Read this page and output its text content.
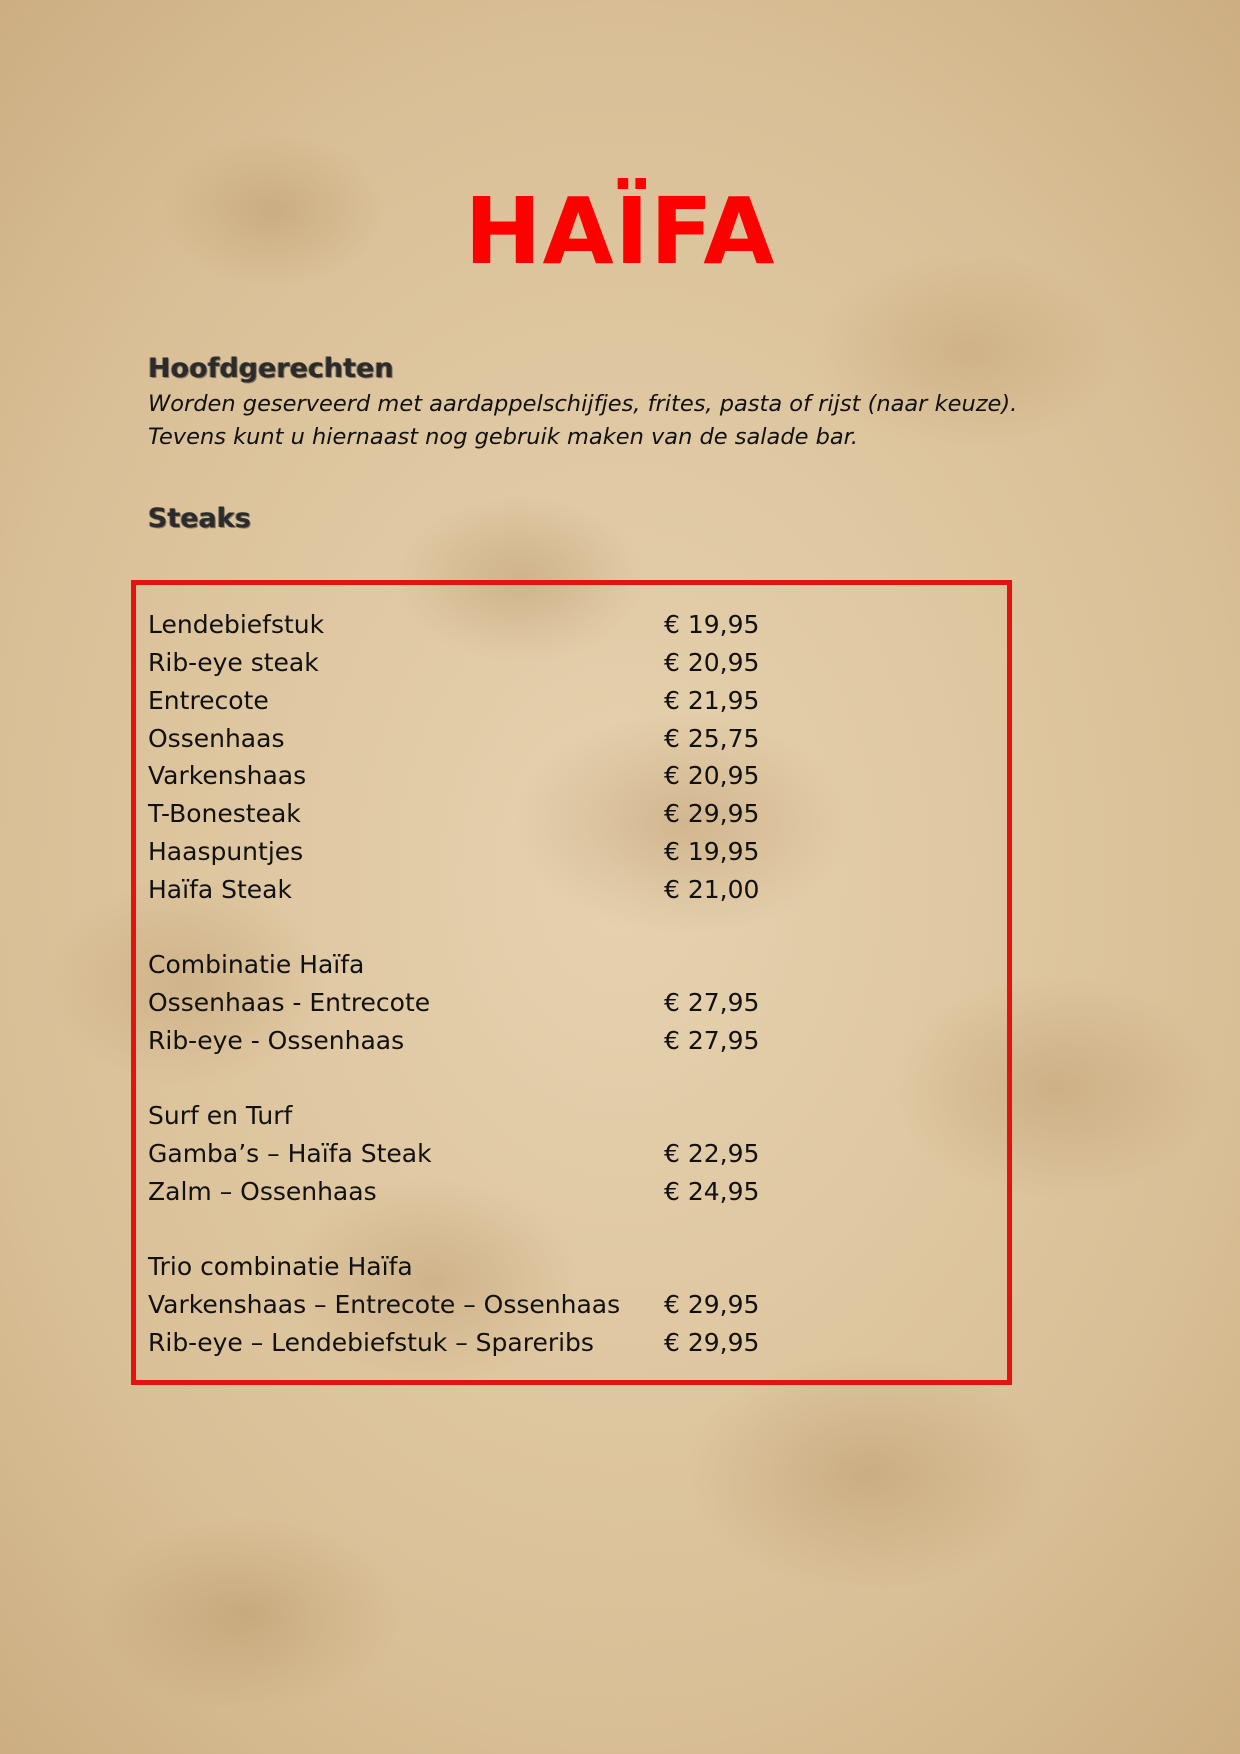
HAÏFA
Hoofdgerechten

Worden geserveerd met aardappelschijfjes, frites, pasta of rijst (naar keuze).

Tevens kunt u hiernaast nog gebruik maken van de salade bar.

Steaks
Lendebiefstuk	€ 19,95
Rib-eye steak	€ 20,95
Entrecote	€ 21,95
Ossenhaas	€ 25,75
Varkenshaas	€ 20,95
T-Bonesteak	€ 29,95
Haaspuntjes	€ 19,95
Haïfa Steak	€ 21,00
Combinatie Haïfa
Ossenhaas - Entrecote	€ 27,95
Rib-eye - Ossenhaas	€ 27,95
Surf en Turf
Gamba’s – Haïfa Steak	€ 22,95
Zalm – Ossenhaas	€ 24,95
Trio combinatie Haïfa
Varkenshaas – Entrecote – Ossenhaas	€ 29,95
Rib-eye – Lendebiefstuk – Spareribs	€ 29,95
